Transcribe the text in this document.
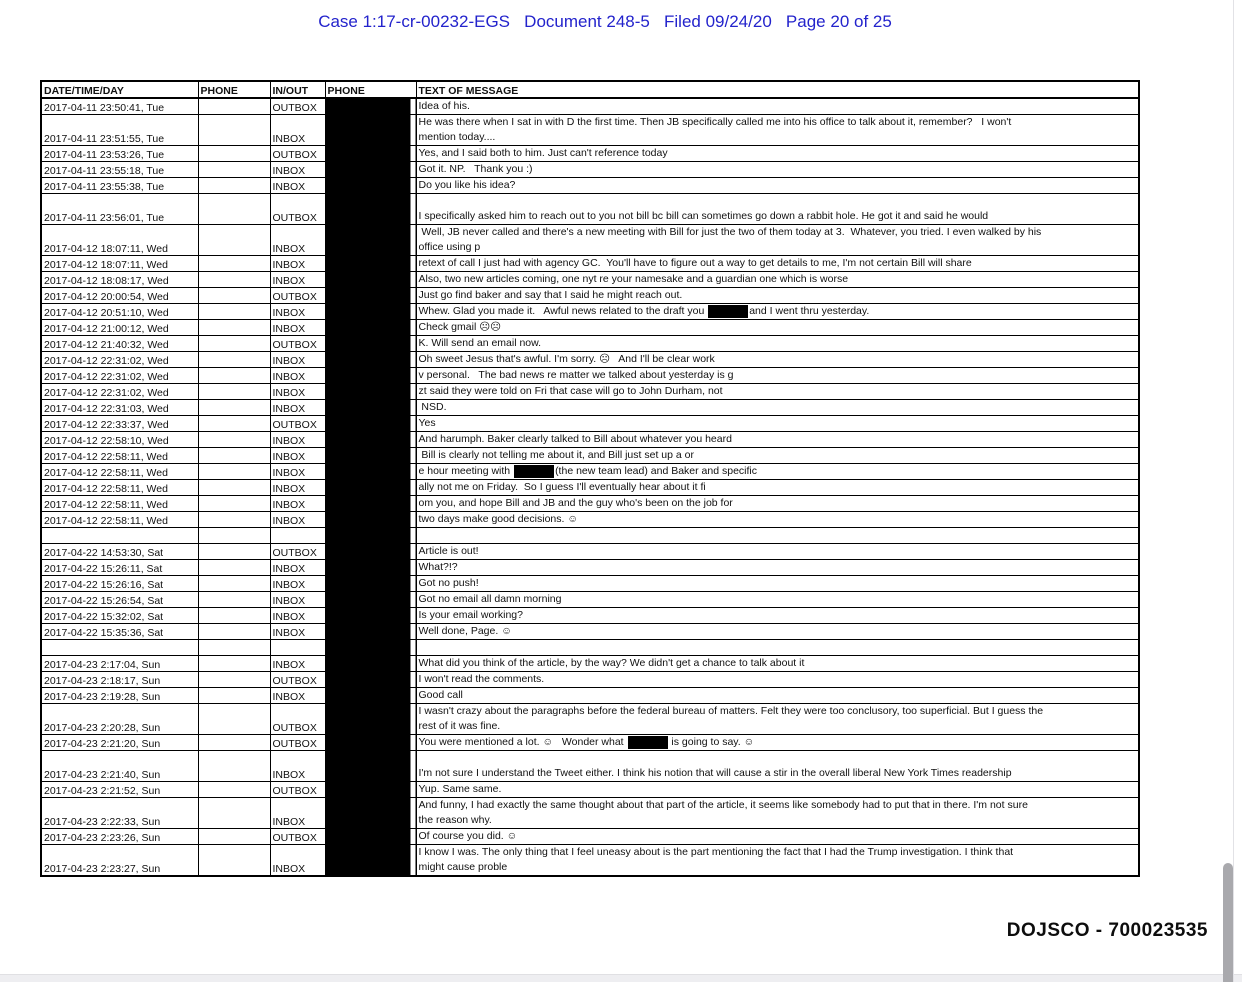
Case 1:17-cr-00232-EGS   Document 248-5   Filed 09/24/20   Page 20 of 25
DATE/TIME/DAY	PHONE	IN/OUT	PHONE	TEXT OF MESSAGE
2017-04-11 23:50:41, Tue		OUTBOX		Idea of his.

2017-04-11 23:51:55, Tue		INBOX		He was there when I sat in with D the first time. Then JB specifically called me into his office to talk about it, remember?   I won't
mention today....

2017-04-11 23:53:26, Tue		OUTBOX		Yes, and I said both to him. Just can't reference today

2017-04-11 23:55:18, Tue		INBOX		Got it. NP.   Thank you :)

2017-04-11 23:55:38, Tue		INBOX		Do you like his idea?

2017-04-11 23:56:01, Tue		OUTBOX		I specifically asked him to reach out to you not bill bc bill can sometimes go down a rabbit hole. He got it and said he would

2017-04-12 18:07:11, Wed		INBOX		Well, JB never called and there's a new meeting with Bill for just the two of them today at 3.  Whatever, you tried. I even walked by his
office using p

2017-04-12 18:07:11, Wed		INBOX		retext of call I just had with agency GC.  You'll have to figure out a way to get details to me, I'm not certain Bill will share

2017-04-12 18:08:17, Wed		INBOX		Also, two new articles coming, one nyt re your namesake and a guardian one which is worse

2017-04-12 20:00:54, Wed		OUTBOX		Just go find baker and say that I said he might reach out.

2017-04-12 20:51:10, Wed		INBOX		Whew. Glad you made it.   Awful news related to the draft you and I went thru yesterday.

2017-04-12 21:00:12, Wed		INBOX		Check gmail ☹☹

2017-04-12 21:40:32, Wed		OUTBOX		K. Will send an email now.

2017-04-12 22:31:02, Wed		INBOX		Oh sweet Jesus that's awful. I'm sorry. ☹   And I'll be clear work

2017-04-12 22:31:02, Wed		INBOX		v personal.   The bad news re matter we talked about yesterday is g

2017-04-12 22:31:02, Wed		INBOX		zt said they were told on Fri that case will go to John Durham, not

2017-04-12 22:31:03, Wed		INBOX		NSD.

2017-04-12 22:33:37, Wed		OUTBOX		Yes

2017-04-12 22:58:10, Wed		INBOX		And harumph. Baker clearly talked to Bill about whatever you heard

2017-04-12 22:58:11, Wed		INBOX		Bill is clearly not telling me about it, and Bill just set up a or

2017-04-12 22:58:11, Wed		INBOX		e hour meeting with (the new team lead) and Baker and specific

2017-04-12 22:58:11, Wed		INBOX		ally not me on Friday.  So I guess I'll eventually hear about it fi

2017-04-12 22:58:11, Wed		INBOX		om you, and hope Bill and JB and the guy who's been on the job for

2017-04-12 22:58:11, Wed		INBOX		two days make good decisions. ☺

2017-04-22 14:53:30, Sat		OUTBOX		Article is out!

2017-04-22 15:26:11, Sat		INBOX		What?!?

2017-04-22 15:26:16, Sat		INBOX		Got no push!

2017-04-22 15:26:54, Sat		INBOX		Got no email all damn morning

2017-04-22 15:32:02, Sat		INBOX		Is your email working?

2017-04-22 15:35:36, Sat		INBOX		Well done, Page. ☺

2017-04-23 2:17:04, Sun		INBOX		What did you think of the article, by the way? We didn't get a chance to talk about it

2017-04-23 2:18:17, Sun		OUTBOX		I won't read the comments.

2017-04-23 2:19:28, Sun		INBOX		Good call

2017-04-23 2:20:28, Sun		OUTBOX		I wasn't crazy about the paragraphs before the federal bureau of matters. Felt they were too conclusory, too superficial. But I guess the
rest of it was fine.

2017-04-23 2:21:20, Sun		OUTBOX		You were mentioned a lot. ☺   Wonder what is going to say. ☺

2017-04-23 2:21:40, Sun		INBOX		I'm not sure I understand the Tweet either. I think his notion that will cause a stir in the overall liberal New York Times readership

2017-04-23 2:21:52, Sun		OUTBOX		Yup. Same same.

2017-04-23 2:22:33, Sun		INBOX		And funny, I had exactly the same thought about that part of the article, it seems like somebody had to put that in there. I'm not sure
the reason why.

2017-04-23 2:23:26, Sun		OUTBOX		Of course you did. ☺

2017-04-23 2:23:27, Sun		INBOX		I know I was. The only thing that I feel uneasy about is the part mentioning the fact that I had the Trump investigation. I think that
might cause proble
DOJSCO - 700023535
